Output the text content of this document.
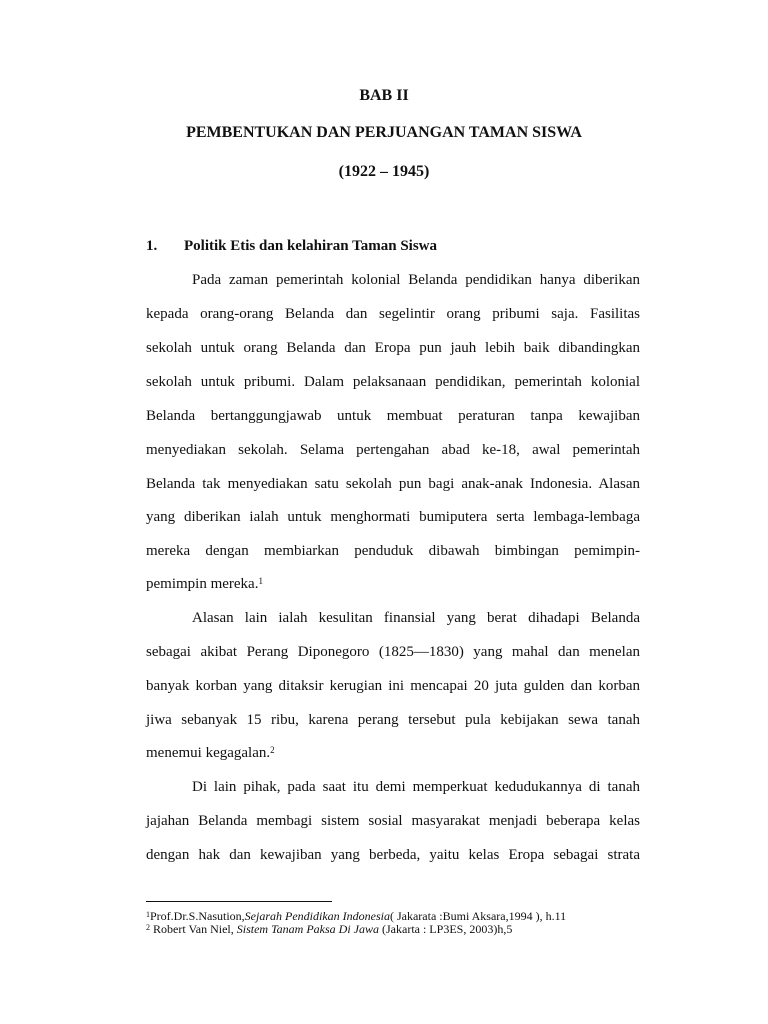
BAB II
PEMBENTUKAN DAN PERJUANGAN TAMAN SISWA
(1922 – 1945)
1. Politik Etis dan kelahiran Taman Siswa
Pada zaman pemerintah kolonial Belanda pendidikan hanya diberikan
kepada orang-orang Belanda dan segelintir orang pribumi saja. Fasilitas
sekolah untuk orang Belanda dan Eropa pun jauh lebih baik dibandingkan
sekolah untuk pribumi. Dalam pelaksanaan pendidikan, pemerintah kolonial
Belanda bertanggungjawab untuk membuat peraturan tanpa kewajiban
menyediakan sekolah. Selama pertengahan abad ke-18, awal pemerintah
Belanda tak menyediakan satu sekolah pun bagi anak-anak Indonesia. Alasan
yang diberikan ialah untuk menghormati bumiputera serta lembaga-lembaga
mereka dengan membiarkan penduduk dibawah bimbingan pemimpin-
pemimpin mereka.$^1$
Alasan lain ialah kesulitan finansial yang berat dihadapi Belanda
sebagai akibat Perang Diponegoro (1825—1830) yang mahal dan menelan
banyak korban yang ditaksir kerugian ini mencapai 20 juta gulden dan korban
jiwa sebanyak 15 ribu, karena perang tersebut pula kebijakan sewa tanah
menemui kegagalan.$^2$
Di lain pihak, pada saat itu demi memperkuat kedudukannya di tanah
jajahan Belanda membagi sistem sosial masyarakat menjadi beberapa kelas
dengan hak dan kewajiban yang berbeda, yaitu kelas Eropa sebagai strata
$^1$Prof.Dr.S.Nasution,Sejarah Pendidikan Indonesia( Jakarata :Bumi Aksara,1994 ), h.11
$^2$ Robert Van Niel, Sistem Tanam Paksa Di Jawa (Jakarta : LP3ES, 2003)h,5
